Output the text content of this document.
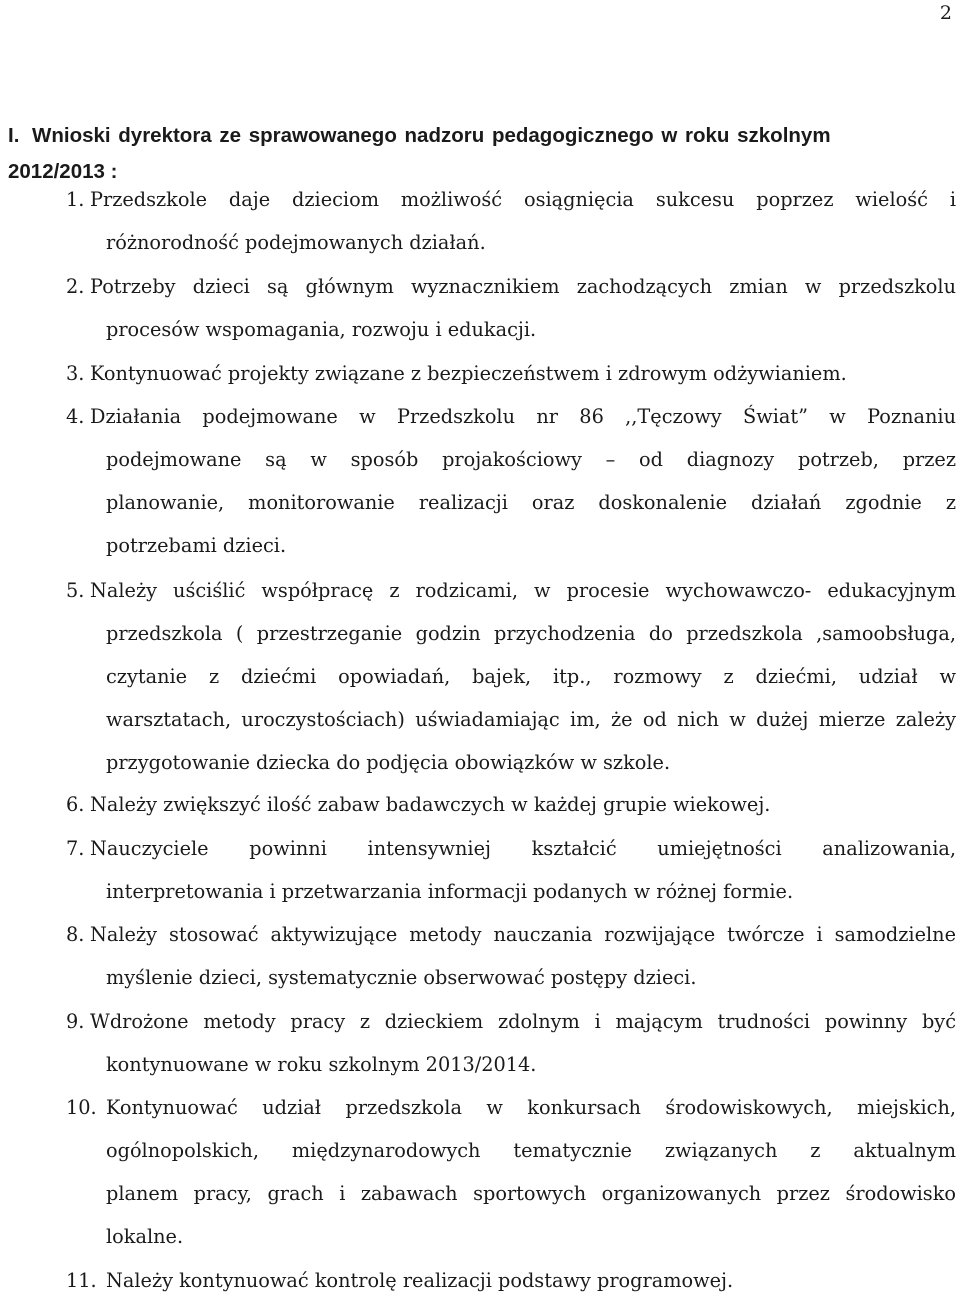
2
I. Wnioski dyrektora ze sprawowanego nadzoru pedagogicznego w roku szkolnym
2012/2013 :
1. Przedszkole daje dzieciom możliwość osiągnięcia sukcesu poprzez wielość i
różnorodność podejmowanych działań.
2. Potrzeby dzieci są głównym wyznacznikiem zachodzących zmian w przedszkolu
procesów wspomagania, rozwoju i edukacji.
3. Kontynuować projekty związane z bezpieczeństwem i zdrowym odżywianiem.
4. Działania podejmowane w Przedszkolu nr 86 ,,Tęczowy Świat” w Poznaniu
podejmowane są w sposób projakościowy – od diagnozy potrzeb, przez
planowanie, monitorowanie realizacji oraz doskonalenie działań zgodnie z
potrzebami dzieci.
5. Należy uściślić współpracę z rodzicami, w procesie wychowawczo- edukacyjnym
przedszkola ( przestrzeganie godzin przychodzenia do przedszkola ,samoobsługa,
czytanie z dziećmi opowiadań, bajek, itp., rozmowy z dziećmi, udział w
warsztatach, uroczystościach) uświadamiając im, że od nich w dużej mierze zależy
przygotowanie dziecka do podjęcia obowiązków w szkole.
6. Należy zwiększyć ilość zabaw badawczych w każdej grupie wiekowej.
7. Nauczyciele powinni intensywniej kształcić umiejętności analizowania,
interpretowania i przetwarzania informacji podanych w różnej formie.
8. Należy stosować aktywizujące metody nauczania rozwijające twórcze i samodzielne
myślenie dzieci, systematycznie obserwować postępy dzieci.
9. Wdrożone metody pracy z dzieckiem zdolnym i mającym trudności powinny być
kontynuowane w roku szkolnym 2013/2014.
10. Kontynuować udział przedszkola w konkursach środowiskowych, miejskich,
ogólnopolskich, międzynarodowych tematycznie związanych z aktualnym
planem pracy, grach i zabawach sportowych organizowanych przez środowisko
lokalne.
11. Należy kontynuować kontrolę realizacji podstawy programowej.
